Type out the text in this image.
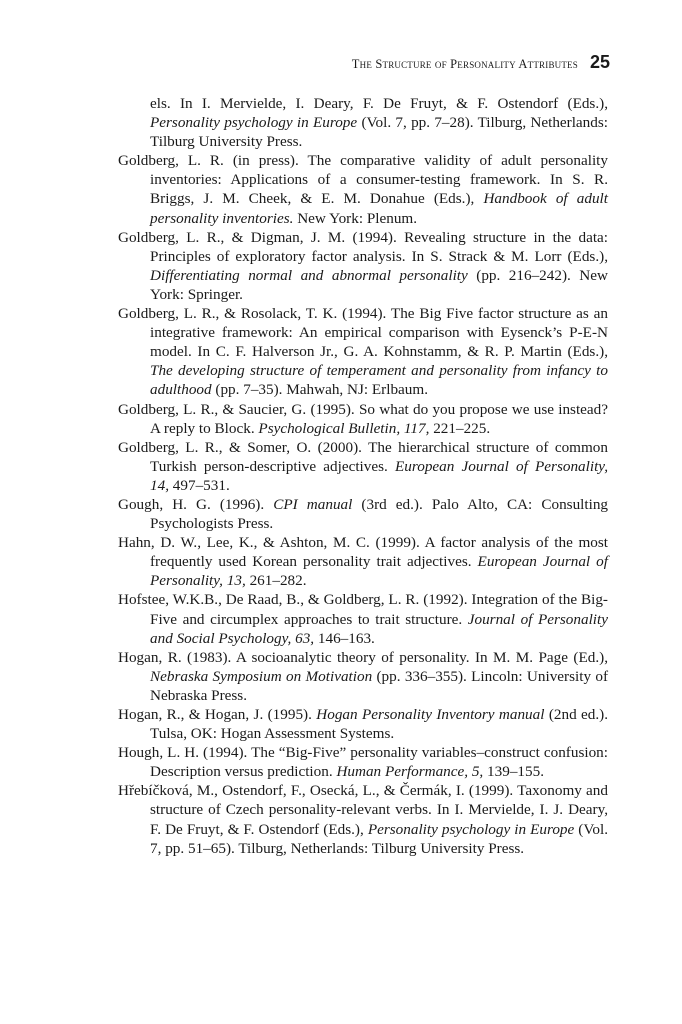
The Structure of Personality Attributes 25

els. In I. Mervielde, I. Deary, F. De Fruyt, & F. Ostendorf (Eds.), Personality psychology in Europe (Vol. 7, pp. 7–28). Tilburg, Netherlands: Tilburg University Press.

Goldberg, L. R. (in press). The comparative validity of adult personality inventories: Applications of a consumer-testing framework. In S. R. Briggs, J. M. Cheek, & E. M. Donahue (Eds.), Handbook of adult personality inventories. New York: Plenum.

Goldberg, L. R., & Digman, J. M. (1994). Revealing structure in the data: Principles of exploratory factor analysis. In S. Strack & M. Lorr (Eds.), Differentiating normal and abnormal personality (pp. 216–242). New York: Springer.

Goldberg, L. R., & Rosolack, T. K. (1994). The Big Five factor structure as an integrative framework: An empirical comparison with Eysenck’s P-E-N model. In C. F. Halverson Jr., G. A. Kohnstamm, & R. P. Martin (Eds.), The developing structure of temperament and personality from infancy to adulthood (pp. 7–35). Mahwah, NJ: Erlbaum.

Goldberg, L. R., & Saucier, G. (1995). So what do you propose we use instead? A reply to Block. Psychological Bulletin, 117, 221–225.

Goldberg, L. R., & Somer, O. (2000). The hierarchical structure of common Turkish person-descriptive adjectives. European Journal of Personality, 14, 497–531.

Gough, H. G. (1996). CPI manual (3rd ed.). Palo Alto, CA: Consulting Psychologists Press.

Hahn, D. W., Lee, K., & Ashton, M. C. (1999). A factor analysis of the most frequently used Korean personality trait adjectives. European Journal of Personality, 13, 261–282.

Hofstee, W.K.B., De Raad, B., & Goldberg, L. R. (1992). Integration of the Big-Five and circumplex approaches to trait structure. Journal of Personality and Social Psychology, 63, 146–163.

Hogan, R. (1983). A socioanalytic theory of personality. In M. M. Page (Ed.), Nebraska Symposium on Motivation (pp. 336–355). Lincoln: University of Nebraska Press.

Hogan, R., & Hogan, J. (1995). Hogan Personality Inventory manual (2nd ed.). Tulsa, OK: Hogan Assessment Systems.

Hough, L. H. (1994). The “Big-Five” personality variables–construct confusion: Description versus prediction. Human Performance, 5, 139–155.

Hřebíčková, M., Ostendorf, F., Osecká, L., & Čermák, I. (1999). Taxonomy and structure of Czech personality-relevant verbs. In I. Mervielde, I. J. Deary, F. De Fruyt, & F. Ostendorf (Eds.), Personality psychology in Europe (Vol. 7, pp. 51–65). Tilburg, Netherlands: Tilburg University Press.
